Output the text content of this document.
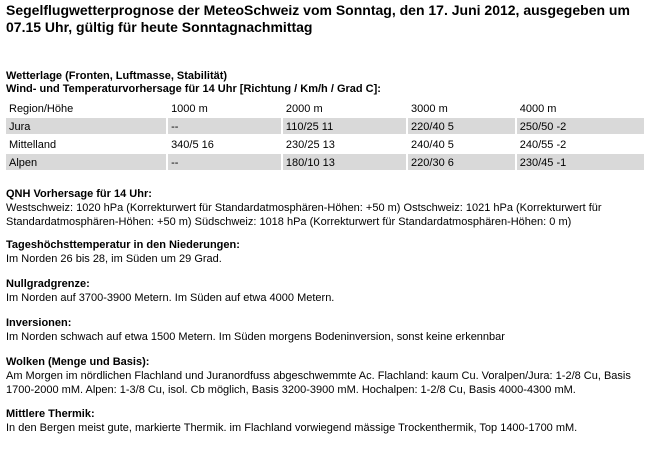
Segelflugwetterprognose der MeteoSchweiz vom Sonntag, den 17. Juni 2012, ausgegeben um 07.15 Uhr, gültig für heute Sonntagnachmittag
Wetterlage (Fronten, Luftmasse, Stabilität)
Wind- und Temperaturvorhersage für 14 Uhr [Richtung / Km/h / Grad C]:
Region/Höhe	1000 m	2000 m	3000 m	4000 m
Jura	--	110/25 11	220/40 5	250/50 -2
Mittelland	340/5 16	230/25 13	240/40 5	240/55 -2
Alpen	--	180/10 13	220/30 6	230/45 -1
QNH Vorhersage für 14 Uhr:
Westschweiz: 1020 hPa (Korrekturwert für Standardatmosphären-Höhen: +50 m) Ostschweiz: 1021 hPa (Korrekturwert für Standardatmosphären-Höhen: +50 m) Südschweiz: 1018 hPa (Korrekturwert für Standardatmosphären-Höhen: 0 m)
Tageshöchsttemperatur in den Niederungen:
Im Norden 26 bis 28, im Süden um 29 Grad.
Nullgradgrenze:
Im Norden auf 3700-3900 Metern. Im Süden auf etwa 4000 Metern.
Inversionen:
Im Norden schwach auf etwa 1500 Metern. Im Süden morgens Bodeninversion, sonst keine erkennbar
Wolken (Menge und Basis):
Am Morgen im nördlichen Flachland und Juranordfuss abgeschwemmte Ac. Flachland: kaum Cu. Voralpen/Jura: 1-2/8 Cu, Basis 1700-2000 mM. Alpen: 1-3/8 Cu, isol. Cb möglich, Basis 3200-3900 mM. Hochalpen: 1-2/8 Cu, Basis 4000-4300 mM.
Mittlere Thermik:
In den Bergen meist gute, markierte Thermik. im Flachland vorwiegend mässige Trockenthermik, Top 1400-1700 mM.
